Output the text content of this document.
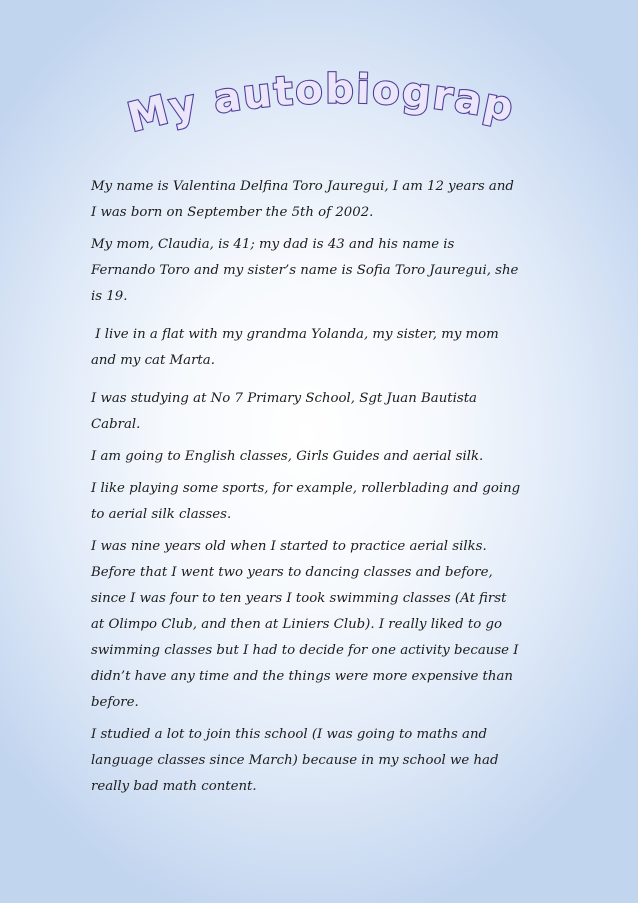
My autobiography

My name is Valentina Delfina Toro Jauregui, I am 12 years and
I was born on September the 5th of 2002.

My mom, Claudia, is 41; my dad is 43 and his name is
Fernando Toro and my sister’s name is Sofia Toro Jauregui, she
is 19.

I live in a flat with my grandma Yolanda, my sister, my mom
and my cat Marta.

I was studying at No 7 Primary School, Sgt Juan Bautista
Cabral.

I am going to English classes, Girls Guides and aerial silk.

I like playing some sports, for example, rollerblading and going
to aerial silk classes.

I was nine years old when I started to practice aerial silks.
Before that I went two years to dancing classes and before,
since I was four to ten years I took swimming classes (At first
at Olimpo Club, and then at Liniers Club). I really liked to go
swimming classes but I had to decide for one activity because I
didn’t have any time and the things were more expensive than
before.

I studied a lot to join this school (I was going to maths and
language classes since March) because in my school we had
really bad math content.
